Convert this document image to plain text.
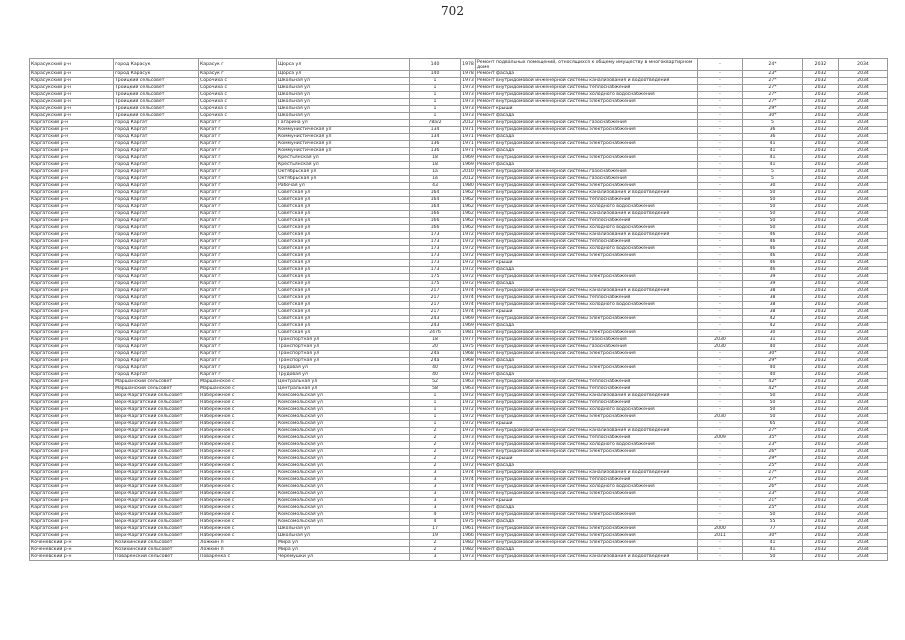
702
Карасукский р-н	город Карасук	Карасук г	Щорса ул	140	1978	Ремонт подвальных помещений, относящихся к общему имуществу в многоквартирном доме	-	24*	2032	2034
Карасукский р-н	город Карасук	Карасук г	Щорса ул	140	1978	Ремонт фасада	-	23*	2032	2034
Карасукский р-н	Троицкий сельсовет	Сорочихa с	Школьная ул	1	1973	Ремонт внутридомовой инженерной системы канализования и водоотведения	-	27*	2032	2034
Карасукский р-н	Троицкий сельсовет	Сорочихa с	Школьная ул	1	1973	Ремонт внутридомовой инженерной системы теплоснабжения	-	27*	2032	2034
Карасукский р-н	Троицкий сельсовет	Сорочихa с	Школьная ул	1	1973	Ремонт внутридомовой инженерной системы холодного водоснабжения	-	27*	2032	2034
Карасукский р-н	Троицкий сельсовет	Сорочихa с	Школьная ул	1	1973	Ремонт внутридомовой инженерной системы электроснабжения	-	27*	2032	2034
Карасукский р-н	Троицкий сельсовет	Сорочихa с	Школьная ул	1	1973	Ремонт крыши	-	29*	2032	2034
Карасукский р-н	Троицкий сельсовет	Сорочихa с	Школьная ул	1	1973	Ремонт фасада	-	30*	2032	2034
Каргатский р-н	город Каргат	Каргат г	Гагарина ул	78а/2	2012	Ремонт внутридомовой инженерной системы газоснабжения	-	5	2032	2034
Каргатский р-н	город Каргат	Каргат г	Коммунистическая ул	134	1971	Ремонт внутридомовой инженерной системы электроснабжения	-	36	2032	2034
Каргатский р-н	город Каргат	Каргат г	Коммунистическая ул	134	1971	Ремонт фасада	-	36	2032	2034
Каргатский р-н	город Каргат	Каргат г	Коммунистическая ул	136	1971	Ремонт внутридомовой инженерной системы электроснабжения	-	41	2032	2034
Каргатский р-н	город Каргат	Каргат г	Коммунистическая ул	136	1971	Ремонт фасада	-	41	2032	2034
Каргатский р-н	город Каргат	Каргат г	Крестьянская ул	18	1969	Ремонт внутридомовой инженерной системы электроснабжения	-	41	2032	2034
Каргатский р-н	город Каргат	Каргат г	Крестьянская ул	18	1969	Ремонт фасада	-	41	2032	2034
Каргатский р-н	город Каргат	Каргат г	Октябрьская ул	1а	2010	Ремонт внутридомовой инженерной системы газоснабжения	-	5	2032	2034
Каргатский р-н	город Каргат	Каргат г	Октябрьская ул	1в	2012	Ремонт внутридомовой инженерной системы газоснабжения	-	5	2032	2034
Каргатский р-н	город Каргат	Каргат г	Рабочая ул	43	1980	Ремонт внутридомовой инженерной системы электроснабжения	-	30	2032	2034
Каргатский р-н	город Каргат	Каргат г	Советская ул	164	1962	Ремонт внутридомовой инженерной системы канализования и водоотведения	-	50	2032	2034
Каргатский р-н	город Каргат	Каргат г	Советская ул	164	1962	Ремонт внутридомовой инженерной системы теплоснабжения	-	50	2032	2034
Каргатский р-н	город Каргат	Каргат г	Советская ул	164	1962	Ремонт внутридомовой инженерной системы холодного водоснабжения	-	50	2032	2034
Каргатский р-н	город Каргат	Каргат г	Советская ул	166	1962	Ремонт внутридомовой инженерной системы канализования и водоотведения	-	50	2032	2034
Каргатский р-н	город Каргат	Каргат г	Советская ул	166	1962	Ремонт внутридомовой инженерной системы теплоснабжения	-	50	2032	2034
Каргатский р-н	город Каргат	Каргат г	Советская ул	166	1962	Ремонт внутридомовой инженерной системы холодного водоснабжения	-	50	2032	2034
Каргатский р-н	город Каргат	Каргат г	Советская ул	173	1972	Ремонт внутридомовой инженерной системы канализования и водоотведения	-	46	2032	2034
Каргатский р-н	город Каргат	Каргат г	Советская ул	173	1972	Ремонт внутридомовой инженерной системы теплоснабжения	-	46	2032	2034
Каргатский р-н	город Каргат	Каргат г	Советская ул	173	1972	Ремонт внутридомовой инженерной системы холодного водоснабжения	-	46	2032	2034
Каргатский р-н	город Каргат	Каргат г	Советская ул	173	1972	Ремонт внутридомовой инженерной системы электроснабжения	-	46	2032	2034
Каргатский р-н	город Каргат	Каргат г	Советская ул	173	1972	Ремонт крыши	-	46	2032	2034
Каргатский р-н	город Каргат	Каргат г	Советская ул	173	1972	Ремонт фасада	-	46	2032	2034
Каргатский р-н	город Каргат	Каргат г	Советская ул	175	1972	Ремонт внутридомовой инженерной системы электроснабжения	-	39	2032	2034
Каргатский р-н	город Каргат	Каргат г	Советская ул	175	1972	Ремонт фасада	-	39	2032	2034
Каргатский р-н	город Каргат	Каргат г	Советская ул	217	1974	Ремонт внутридомовой инженерной системы канализования и водоотведения	-	38	2032	2034
Каргатский р-н	город Каргат	Каргат г	Советская ул	217	1974	Ремонт внутридомовой инженерной системы теплоснабжения	-	38	2032	2034
Каргатский р-н	город Каргат	Каргат г	Советская ул	217	1974	Ремонт внутридомовой инженерной системы холодного водоснабжения	-	38	2032	2034
Каргатский р-н	город Каргат	Каргат г	Советская ул	217	1974	Ремонт крыши	-	38	2032	2034
Каргатский р-н	город Каргат	Каргат г	Советская ул	243	1969	Ремонт внутридомовой инженерной системы электроснабжения	-	42	2032	2034
Каргатский р-н	город Каргат	Каргат г	Советская ул	243	1969	Ремонт фасада	-	42	2032	2034
Каргатский р-н	город Каргат	Каргат г	Советская ул	247б	1981	Ремонт внутридомовой инженерной системы электроснабжения	-	30	2032	2034
Каргатский р-н	город Каргат	Каргат г	Транспортная ул	18	1977	Ремонт внутридомовой инженерной системы газоснабжения	2030	31	2032	2034
Каргатский р-н	город Каргат	Каргат г	Транспортная ул	20	1975	Ремонт внутридомовой инженерной системы газоснабжения	2030	40	2032	2034
Каргатский р-н	город Каргат	Каргат г	Транспортная ул	24а	1968	Ремонт внутридомовой инженерной системы электроснабжения	-	30*	2032	2034
Каргатский р-н	город Каргат	Каргат г	Транспортная ул	24а	1968	Ремонт фасада	-	29*	2032	2034
Каргатский р-н	город Каргат	Каргат г	Трудовая ул	40	1972	Ремонт внутридомовой инженерной системы электроснабжения	-	40	2032	2034
Каргатский р-н	город Каргат	Каргат г	Трудовая ул	40	1972	Ремонт фасада	-	40	2032	2034
Каргатский р-н	Маршанский сельсовет	Маршанское с	Центральная ул	52	1963	Ремонт внутридомовой инженерной системы теплоснабжения	-	42*	2032	2034
Каргатский р-н	Маршанский сельсовет	Маршанское с	Центральная ул	58	1963	Ремонт внутридомовой инженерной системы теплоснабжения	-	42*	2032	2034
Каргатский р-н	Верх-Каргатский сельсовет	Набережное с	Комсомольская ул	1	1972	Ремонт внутридомовой инженерной системы канализования и водоотведения	-	50	2032	2034
Каргатский р-н	Верх-Каргатский сельсовет	Набережное с	Комсомольская ул	1	1972	Ремонт внутридомовой инженерной системы теплоснабжения	-	50	2032	2034
Каргатский р-н	Верх-Каргатский сельсовет	Набережное с	Комсомольская ул	1	1972	Ремонт внутридомовой инженерной системы холодного водоснабжения	-	50	2032	2034
Каргатский р-н	Верх-Каргатский сельсовет	Набережное с	Комсомольская ул	1	1972	Ремонт внутридомовой инженерной системы электроснабжения	2030	50	2032	2034
Каргатский р-н	Верх-Каргатский сельсовет	Набережное с	Комсомольская ул	1	1972	Ремонт крыши	-	65	2032	2034
Каргатский р-н	Верх-Каргатский сельсовет	Набережное с	Комсомольская ул	2	1972	Ремонт внутридомовой инженерной системы канализования и водоотведения	-	27*	2032	2034
Каргатский р-н	Верх-Каргатский сельсовет	Набережное с	Комсомольская ул	2	1973	Ремонт внутридомовой инженерной системы теплоснабжения	2009	35*	2032	2034
Каргатский р-н	Верх-Каргатский сельсовет	Набережное с	Комсомольская ул	2	1973	Ремонт внутридомовой инженерной системы холодного водоснабжения	-	23*	2032	2034
Каргатский р-н	Верх-Каргатский сельсовет	Набережное с	Комсомольская ул	2	1973	Ремонт внутридомовой инженерной системы электроснабжения	-	26*	2032	2034
Каргатский р-н	Верх-Каргатский сельсовет	Набережное с	Комсомольская ул	2	1972	Ремонт крыши	-	29*	2032	2034
Каргатский р-н	Верх-Каргатский сельсовет	Набережное с	Комсомольская ул	2	1972	Ремонт фасада	-	25*	2032	2034
Каргатский р-н	Верх-Каргатский сельсовет	Набережное с	Комсомольская ул	3	1974	Ремонт внутридомовой инженерной системы канализования и водоотведения	-	27*	2032	2034
Каргатский р-н	Верх-Каргатский сельсовет	Набережное с	Комсомольская ул	3	1974	Ремонт внутридомовой инженерной системы теплоснабжения	-	27*	2032	2034
Каргатский р-н	Верх-Каргатский сельсовет	Набережное с	Комсомольская ул	3	1974	Ремонт внутридомовой инженерной системы холодного водоснабжения	-	26*	2032	2034
Каргатский р-н	Верх-Каргатский сельсовет	Набережное с	Комсомольская ул	3	1974	Ремонт внутридомовой инженерной системы электроснабжения	-	23*	2032	2034
Каргатский р-н	Верх-Каргатский сельсовет	Набережное с	Комсомольская ул	3	1974	Ремонт крыши	-	21*	2032	2034
Каргатский р-н	Верх-Каргатский сельсовет	Набережное с	Комсомольская ул	3	1974	Ремонт фасада	-	25*	2032	2034
Каргатский р-н	Верх-Каргатский сельсовет	Набережное с	Комсомольская ул	4	1975	Ремонт внутридомовой инженерной системы электроснабжения	-	50	2032	2034
Каргатский р-н	Верх-Каргатский сельсовет	Набережное с	Комсомольская ул	4	1975	Ремонт фасада	-	55	2032	2034
Каргатский р-н	Верх-Каргатский сельсовет	Набережное с	Школьная ул	17	1961	Ремонт внутридомовой инженерной системы электроснабжения	2000	77	2032	2034
Каргатский р-н	Верх-Каргатский сельсовет	Набережное с	Школьная ул	19	1966	Ремонт внутридомовой инженерной системы электроснабжения	2011	30*	2032	2034
Коченевский р-н	Козихинский сельсовет	Ложкин п	Мира ул	2	1982	Ремонт внутридомовой инженерной системы электроснабжения	-	41	2032	2034
Коченевский р-н	Козихинский сельсовет	Ложкин п	Мира ул	2	1982	Ремонт фасада	-	41	2032	2034
Коченевский р-н	Поваренский сельсовет	Поваренка с	Черемушки ул	3	1973	Ремонт внутридомовой инженерной системы канализования и водоотведения	-	50	2032	2034
